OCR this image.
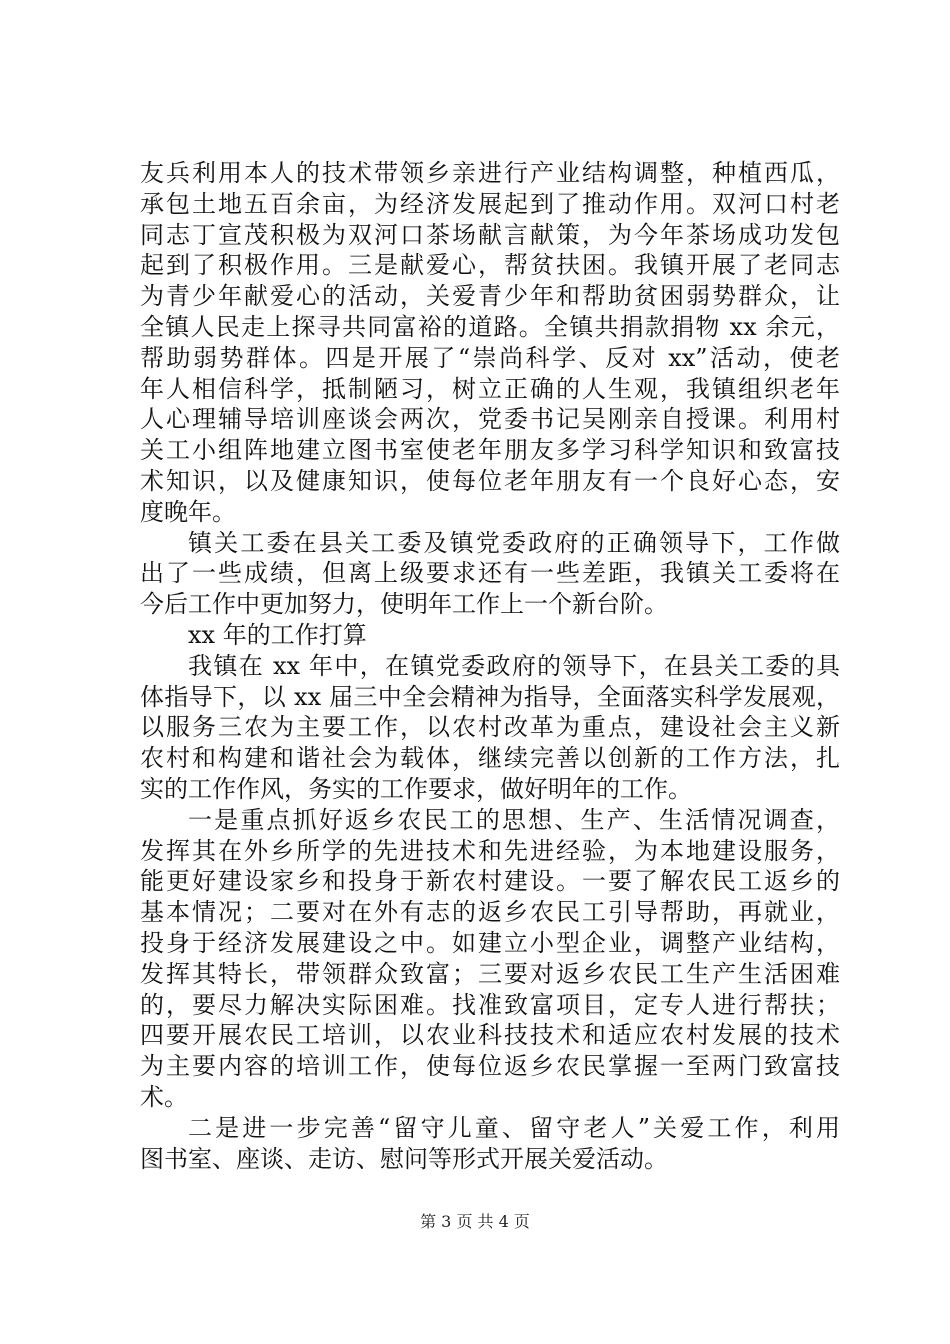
友兵利用本人的技术带领乡亲进行产业结构调整，种植西瓜，
承包土地五百余亩，为经济发展起到了推动作用。双河口村老
同志丁宣茂积极为双河口茶场献言献策，为今年茶场成功发包
起到了积极作用。三是献爱心，帮贫扶困。我镇开展了老同志
为青少年献爱心的活动，关爱青少年和帮助贫困弱势群众，让
全镇人民走上探寻共同富裕的道路。全镇共捐款捐物 xx 余元，
帮助弱势群体。四是开展了“崇尚科学、反对 xx”活动，使老
年人相信科学，抵制陋习，树立正确的人生观，我镇组织老年
人心理辅导培训座谈会两次，党委书记吴刚亲自授课。利用村
关工小组阵地建立图书室使老年朋友多学习科学知识和致富技
术知识，以及健康知识，使每位老年朋友有一个良好心态，安
度晚年。
镇关工委在县关工委及镇党委政府的正确领导下，工作做
出了一些成绩，但离上级要求还有一些差距，我镇关工委将在
今后工作中更加努力，使明年工作上一个新台阶。
xx 年的工作打算
我镇在 xx 年中，在镇党委政府的领导下，在县关工委的具
体指导下，以 xx 届三中全会精神为指导，全面落实科学发展观，
以服务三农为主要工作，以农村改革为重点，建设社会主义新
农村和构建和谐社会为载体，继续完善以创新的工作方法，扎
实的工作作风，务实的工作要求，做好明年的工作。
一是重点抓好返乡农民工的思想、生产、生活情况调查，
发挥其在外乡所学的先进技术和先进经验，为本地建设服务，
能更好建设家乡和投身于新农村建设。一要了解农民工返乡的
基本情况；二要对在外有志的返乡农民工引导帮助，再就业，
投身于经济发展建设之中。如建立小型企业，调整产业结构，
发挥其特长，带领群众致富；三要对返乡农民工生产生活困难
的，要尽力解决实际困难。找准致富项目，定专人进行帮扶；
四要开展农民工培训，以农业科技技术和适应农村发展的技术
为主要内容的培训工作，使每位返乡农民掌握一至两门致富技
术。
二是进一步完善“留守儿童、留守老人”关爱工作，利用
图书室、座谈、走访、慰问等形式开展关爱活动。
第 3 页 共 4 页
